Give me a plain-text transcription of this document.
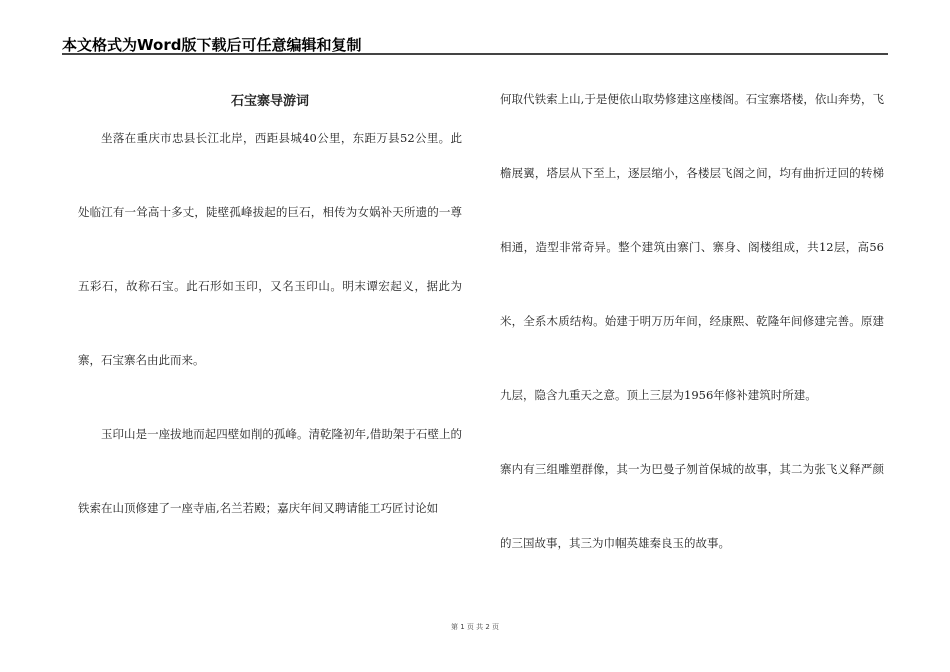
本文格式为Word版下载后可任意编辑和复制
石宝寨导游词

坐落在重庆市忠县长江北岸，西距县城40公里，东距万县52公里。此处临江有一耸高十多丈，陡壁孤峰拔起的巨石，相传为女娲补天所遗的一尊五彩石，故称石宝。此石形如玉印，又名玉印山。明末谭宏起义，据此为寨，石宝寨名由此而来。

玉印山是一座拔地而起四壁如削的孤峰。清乾隆初年,借助架于石壁上的铁索在山顶修建了一座寺庙,名兰若殿；嘉庆年间又聘请能工巧匠讨论如

何取代铁索上山,于是便依山取势修建这座楼阁。石宝寨塔楼，依山奔势，飞檐展翼，塔层从下至上，逐层缩小，各楼层飞阁之间，均有曲折迂回的转梯相通，造型非常奇异。整个建筑由寨门、寨身、阁楼组成，共12层，高56米，全系木质结构。始建于明万历年间，经康熙、乾隆年间修建完善。原建九层，隐含九重天之意。顶上三层为1956年修补建筑时所建。

寨内有三组雕塑群像，其一为巴曼子刎首保城的故事，其二为张飞义释严颜的三国故事，其三为巾帼英雄秦良玉的故事。

第 1 页 共 2 页
